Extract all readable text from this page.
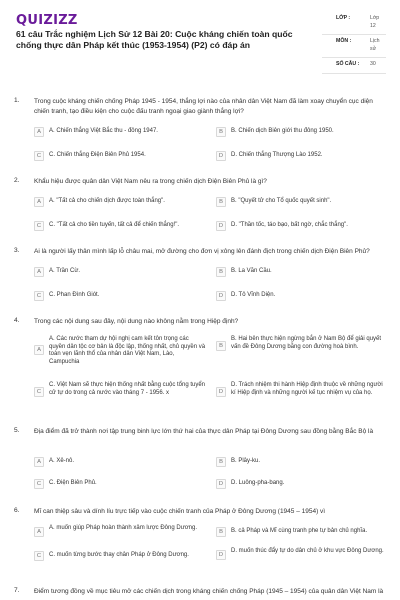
QUIZIZZ
61 câu Trắc nghiệm Lịch Sử 12 Bài 20: Cuộc kháng chiến toàn quốc chống thực dân Pháp kết thúc (1953-1954) (P2) có đáp án
LỚP :	Lớp 12
MÔN :	Lịch sử
SỐ CÂU : 30
1. Trong cuộc kháng chiến chống Pháp 1945 - 1954, thắng lợi nào của nhân dân Việt Nam đã làm xoay chuyển cục diện chiến tranh, tạo điều kiện cho cuộc đấu tranh ngoại giao giành thắng lợi?
A	A. Chiến thắng Việt Bắc thu - đông 1947.	B	B. Chiến dịch Biên giới thu đông 1950.
C	C. Chiến thắng Điện Biên Phủ 1954.	D	D. Chiến thắng Thượng Lào 1952.
2. Khẩu hiệu được quân dân Việt Nam nêu ra trong chiến dịch Điện Biên Phủ là gì?
A	A. "Tất cả cho chiến dịch được toàn thắng".	B	B. "Quyết tử cho Tổ quốc quyết sinh".
C	C. "Tất cả cho tiền tuyến, tất cả để chiến thắng!".	D	D. "Thần tốc, táo bạo, bất ngờ, chắc thắng".
3. Ai là người lấy thân mình lấp lỗ châu mai, mở đường cho đơn vị xông lên đánh địch trong chiến dịch Điện Biên Phủ?
A	A. Trần Cừ.	B	B. La Văn Cầu.
C	C. Phan Đình Giót.	D	D. Tô Vĩnh Diện.
4. Trong các nội dung sau đây, nội dung nào không nằm trong Hiệp định?
A
A. Các nước tham dự hội nghị cam kết tôn trọng các quyền dân tộc cơ bản là độc lập, thống nhất, chủ quyền và toàn vẹn lãnh thổ của nhân dân Việt Nam, Lào, Campuchia
B
B. Hai bên thực hiện ngừng bắn ở Nam Bộ để giải quyết vấn đề Đông Dương bằng con đường hoà bình.
C
C. Việt Nam sẽ thực hiện thống nhất bằng cuộc tổng tuyển cử tự do trong cả nước vào tháng 7 - 1956. x	D
D. Trách nhiệm thi hành Hiệp định thuộc về những người kí Hiệp định và những người kế tục nhiệm vụ của họ.
5. Địa điểm đã trở thành nơi tập trung binh lực lớn thứ hai của thực dân Pháp tại Đông Dương sau đồng bằng Bắc Bộ là
A	A. Xê-nô.	B	B. Plây-ku.
C	C. Điện Biên Phủ.	D	D. Luông-pha-bang.
6. Mĩ can thiệp sâu và dính líu trực tiếp vào cuộc chiến tranh của Pháp ở Đông Dương (1945 – 1954) vì
A
A. muốn giúp Pháp hoàn thành xâm lược Đông Dương.
B	B. cả Pháp và Mĩ cùng tranh phe tự bản chủ nghĩa.
C	C. muốn từng bước thay chân Pháp ở Đông Dương.	D
D. muốn thúc đẩy tự do dân chủ ở khu vực Đông Dương.
7. Điểm tương đồng về mục tiêu mở các chiến dịch trong kháng chiến chống Pháp (1945 – 1954) của quân dân Việt Nam là
